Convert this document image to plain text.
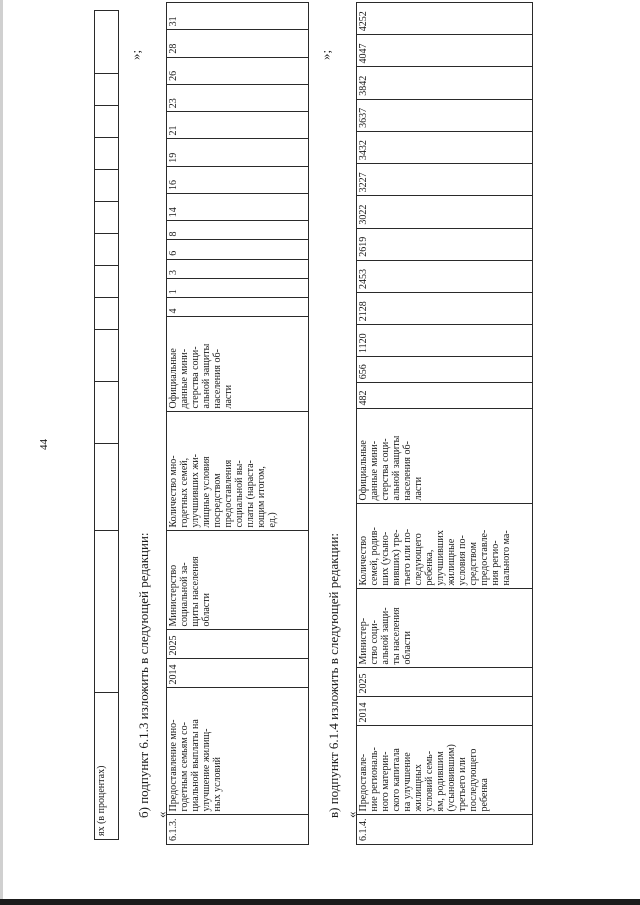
44
ях (в процентах)													
»;
б) подпункт 6.1.3 изложить в следующей редакции: «
6.1.3.	Предоставление мно-
годетным семьям со-
циальной выплаты на
улучшение жилищ-
ных условий	2014	2025	Министерство
социальной за-
щиты населения
области	Количество мно-
годетных семей,
улучшивших жи-
лищные условия
посредством
предоставления
социальной вы-
платы (нараста-
ющим итогом,
ед.)	Официальные
данные мини-
стерства соци-
альной защиты
населения об-
ласти	4	1	3	6	8	14	16	19	21	23	26	28	31
»;
в) подпункт 6.1.4 изложить в следующей редакции: «
6.1.4.	Предоставле-
ние региональ-
ного материн-
ского капитала
на улучшение
жилищных
условий семь-
ям, родившим
(усыновившим)
третьего или
последующего
ребенка	2014	2025	Министер-
ство соци-
альной защи-
ты населения
области	Количество
семей, родив-
ших (усыно-
вивших) тре-
тьего или по-
следующего
ребенка,
улучшивших
жилищные
условия по-
средством
предоставле-
ния регио-
нального ма-	Официальные
данные мини-
стерства соци-
альной защиты
населения об-
ласти	482	656	1120	2128	2453	2619	3022	3227	3432	3637	3842	4047	4252
